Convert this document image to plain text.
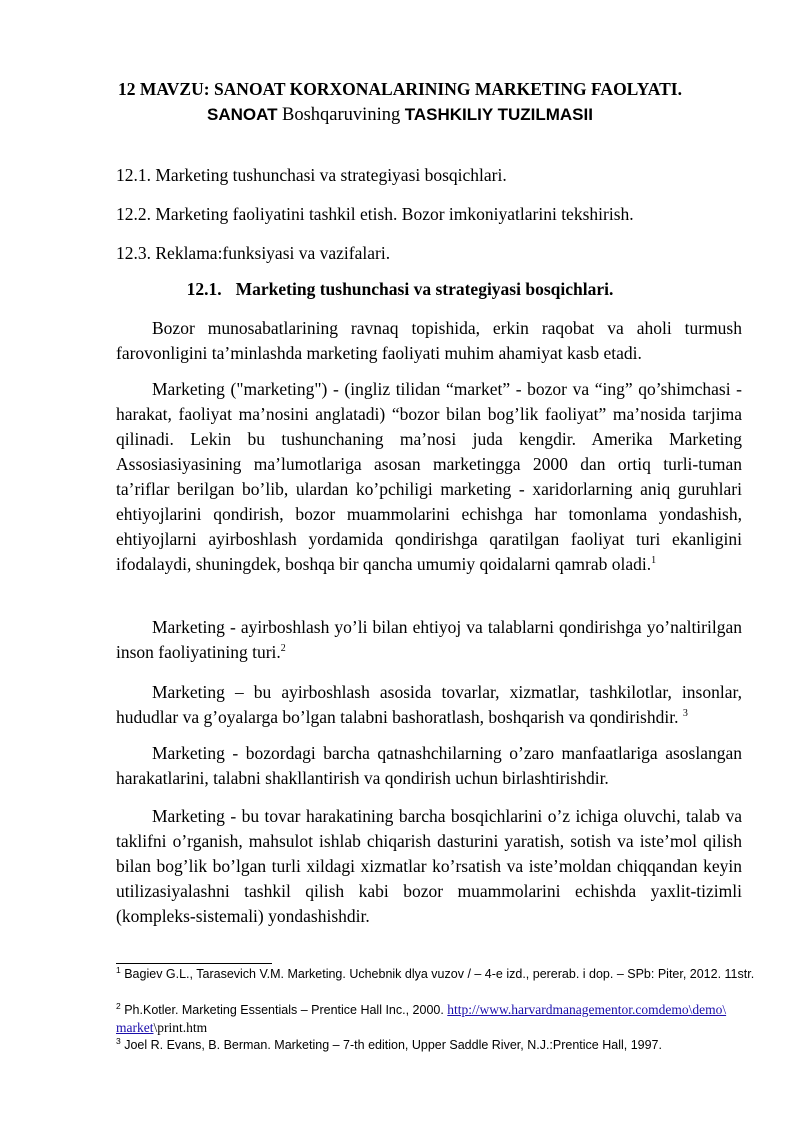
12 MAVZU: SANOAT KORXONALARINING MARKETING FAOLYATI.
SANOAT Boshqaruvining TASHKILIY TUZILMASII
12.1. Marketing tushunchasi va strategiyasi bosqichlari.
12.2. Marketing faoliyatini tashkil etish. Bozor imkoniyatlarini tekshirish.
12.3. Reklama:funksiyasi va vazifalari.
12.1. Marketing tushunchasi va strategiyasi bosqichlari.

Bozor munosabatlarining ravnaq topishida, erkin raqobat va aholi turmush farovonligini ta’minlashda marketing faoliyati muhim ahamiyat kasb etadi.

Marketing ("marketing") - (ingliz tilidan “market” - bozor va “ing” qo’shimchasi - harakat, faoliyat ma’nosini anglatadi) “bozor bilan bog’lik faoliyat” ma’nosida tarjima qilinadi. Lekin bu tushunchaning ma’nosi juda kengdir. Amerika Marketing Assosiasiyasining ma’lumotlariga asosan marketingga 2000 dan ortiq turli-tuman ta’riflar berilgan bo’lib, ulardan ko’pchiligi marketing - xaridorlarning aniq guruhlari ehtiyojlarini qondirish, bozor muammolarini echishga har tomonlama yondashish, ehtiyojlarni ayirboshlash yordamida qondirishga qaratilgan faoliyat turi ekanligini ifodalaydi, shuningdek, boshqa bir qancha umumiy qoidalarni qamrab oladi.$^1$

Marketing - ayirboshlash yo’li bilan ehtiyoj va talablarni qondirishga yo’naltirilgan inson faoliyatining turi.$^2$

Marketing – bu ayirboshlash asosida tovarlar, xizmatlar, tashkilotlar, insonlar, hududlar va g’oyalarga bo’lgan talabni bashoratlash, boshqarish va qondirishdir. $^3$

Marketing - bozordagi barcha qatnashchilarning o’zaro manfaatlariga asoslangan harakatlarini, talabni shakllantirish va qondirish uchun birlashtirishdir.

Marketing - bu tovar harakatining barcha bosqichlarini o’z ichiga oluvchi, talab va taklifni o’rganish, mahsulot ishlab chiqarish dasturini yaratish, sotish va iste’mol qilish bilan bog’lik bo’lgan turli xildagi xizmatlar ko’rsatish va iste’moldan chiqqandan keyin utilizasiyalashni tashkil qilish kabi bozor muammolarini echishda yaxlit-tizimli (kompleks-sistemali) yondashishdir.

$^1$ Bagiev G.L., Tarasevich V.M. Marketing. Uchebnik dlya vuzov / – 4-e izd., pererab. i dop. – SPb: Piter, 2012. 11str.
$^2$ Ph.Kotler. Marketing Essentials – Prentice Hall Inc., 2000. http://www.harvardmanagementor.comdemo\demo\
market\print.htm
$^3$ Joel R. Evans, B. Berman. Marketing – 7-th edition, Upper Saddle River, N.J.:Prentice Hall, 1997.
